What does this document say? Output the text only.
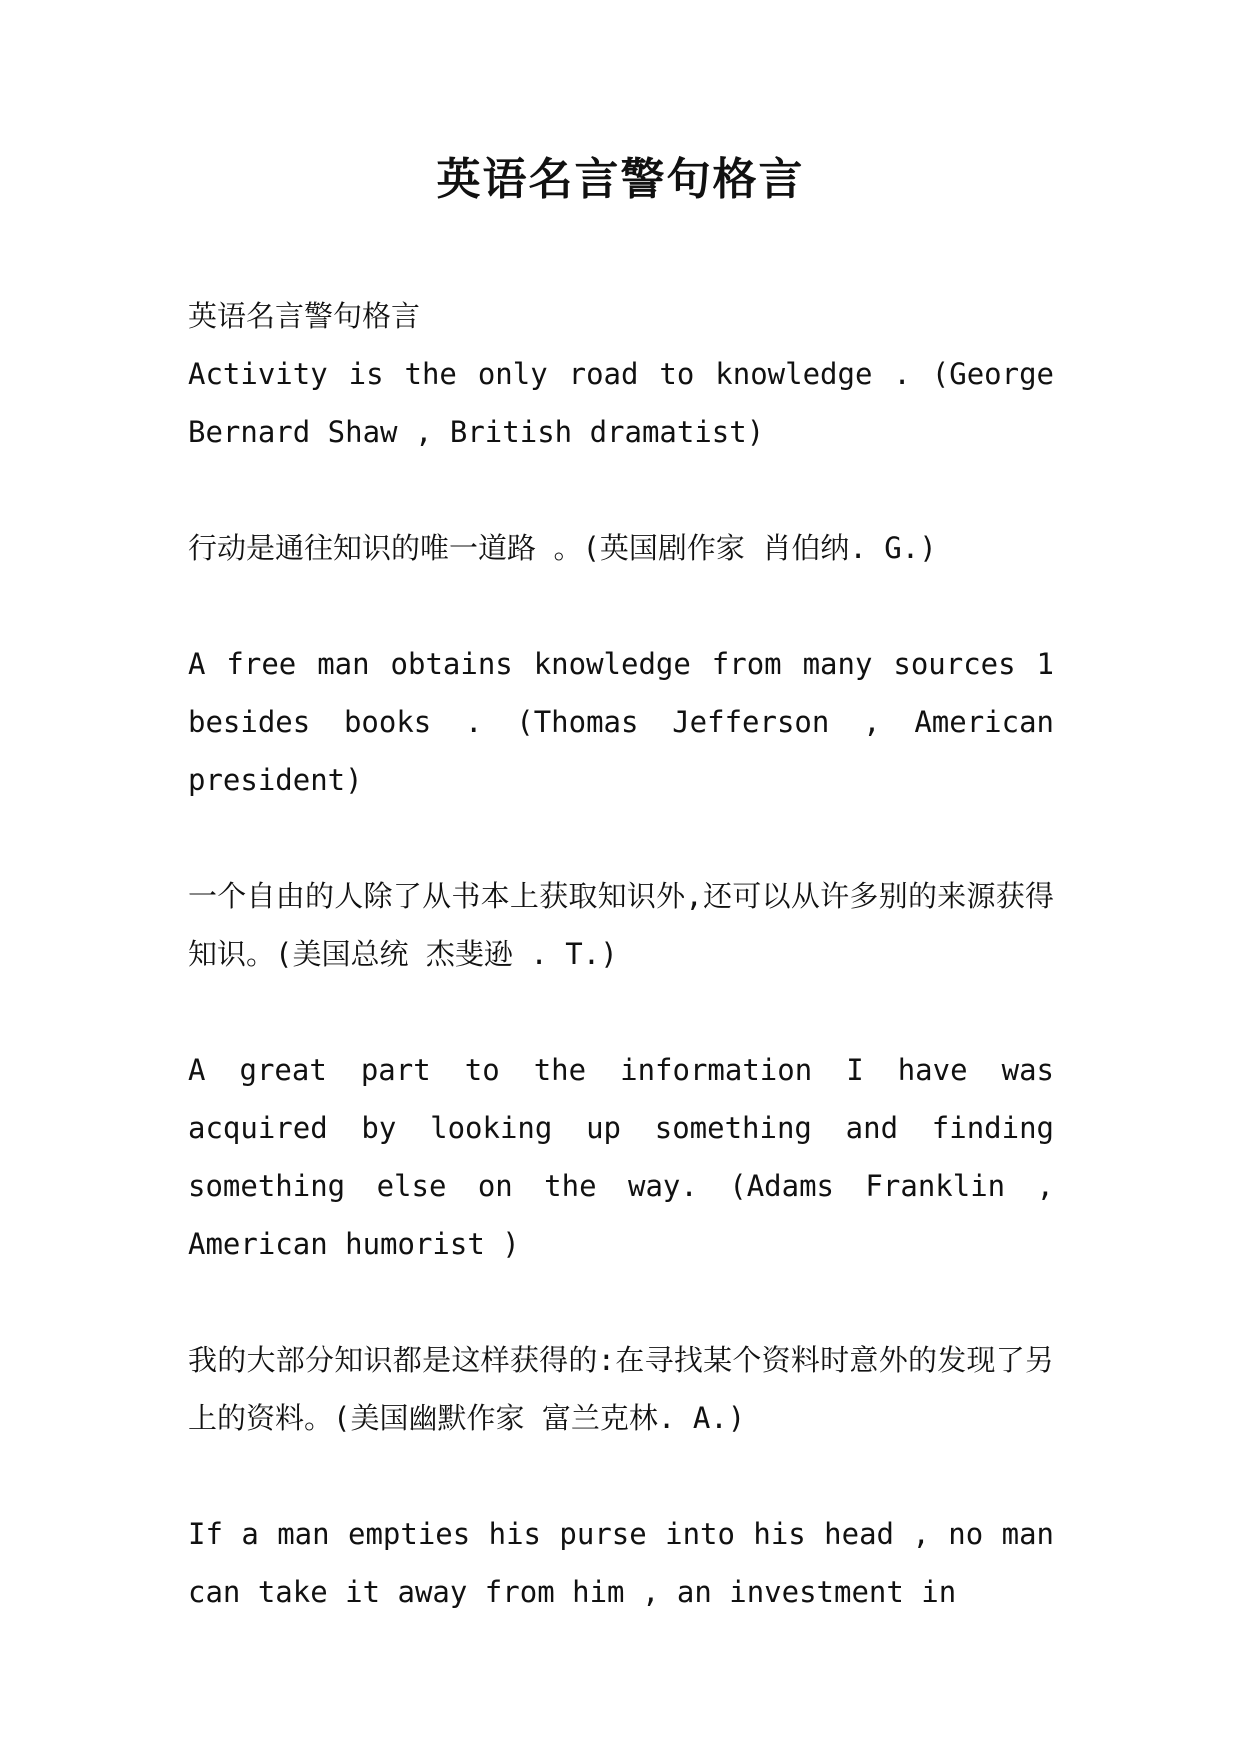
英语名言警句格言

英语名言警句格言

Activity is the only road to knowledge . (George Bernard Shaw , British dramatist)

行动是通往知识的唯一道路 。(英国剧作家 肖伯纳. G.)

A free man obtains knowledge from many sources 1 besides books . (Thomas Jefferson , American president)

一个自由的人除了从书本上获取知识外,还可以从许多别的来源获得知识。(美国总统 杰斐逊 . T.)

A great part to the information I have was acquired by looking up something and finding something else on the way. (Adams Franklin , American humorist )

我的大部分知识都是这样获得的:在寻找某个资料时意外的发现了另上的资料。(美国幽默作家 富兰克林. A.)

If a man empties his purse into his head , no man can take it away from him , an investment in
